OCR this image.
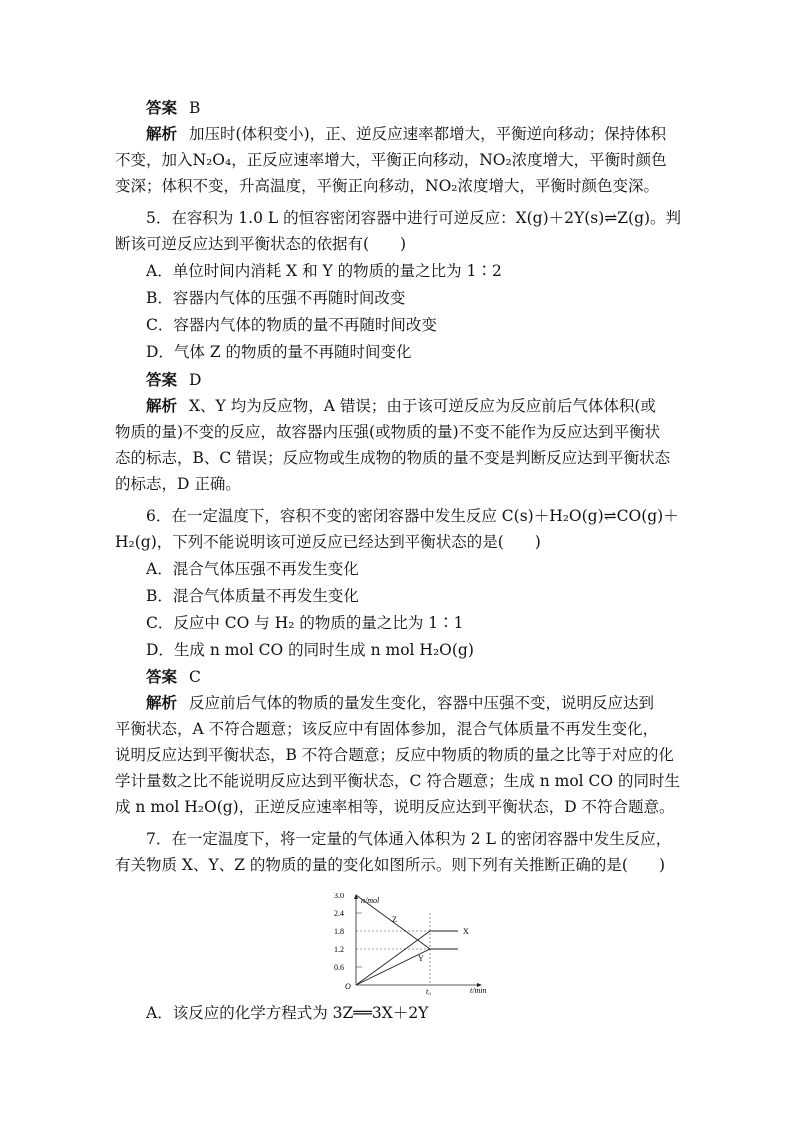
答案 B
解析 加压时(体积变小)，正、逆反应速率都增大，平衡逆向移动；保持体积
不变，加入N₂O₄，正反应速率增大，平衡正向移动，NO₂浓度增大，平衡时颜色
变深；体积不变，升高温度，平衡正向移动，NO₂浓度增大，平衡时颜色变深。
5．在容积为 1.0 L 的恒容密闭容器中进行可逆反应：X(g)＋2Y(s)⇌Z(g)。判
断该可逆反应达到平衡状态的依据有(　　)
A．单位时间内消耗 X 和 Y 的物质的量之比为 1∶2
B．容器内气体的压强不再随时间改变
C．容器内气体的物质的量不再随时间改变
D．气体 Z 的物质的量不再随时间变化
答案 D
解析 X、Y 均为反应物，A 错误；由于该可逆反应为反应前后气体体积(或
物质的量)不变的反应，故容器内压强(或物质的量)不变不能作为反应达到平衡状
态的标志，B、C 错误；反应物或生成物的物质的量不变是判断反应达到平衡状态
的标志，D 正确。
6．在一定温度下，容积不变的密闭容器中发生反应 C(s)＋H₂O(g)⇌CO(g)＋
H₂(g)，下列不能说明该可逆反应已经达到平衡状态的是(　　)
A．混合气体压强不再发生变化
B．混合气体质量不再发生变化
C．反应中 CO 与 H₂ 的物质的量之比为 1∶1
D．生成 n mol CO 的同时生成 n mol H₂O(g)
答案 C
解析 反应前后气体的物质的量发生变化，容器中压强不变，说明反应达到
平衡状态，A 不符合题意；该反应中有固体参加，混合气体质量不再发生变化，
说明反应达到平衡状态，B 不符合题意；反应中物质的物质的量之比等于对应的化
学计量数之比不能说明反应达到平衡状态，C 符合题意；生成 n mol CO 的同时生
成 n mol H₂O(g)，正逆反应速率相等，说明反应达到平衡状态，D 不符合题意。
7．在一定温度下，将一定量的气体通入体积为 2 L 的密闭容器中发生反应，
有关物质 X、Y、Z 的物质的量的变化如图所示。则下列有关推断正确的是(　　)
n/mol
t/min
O
3.0
2.4
1.8
1.2
0.6
Z
X
Y
t₀
A．该反应的化学方程式为 3Z══3X＋2Y
